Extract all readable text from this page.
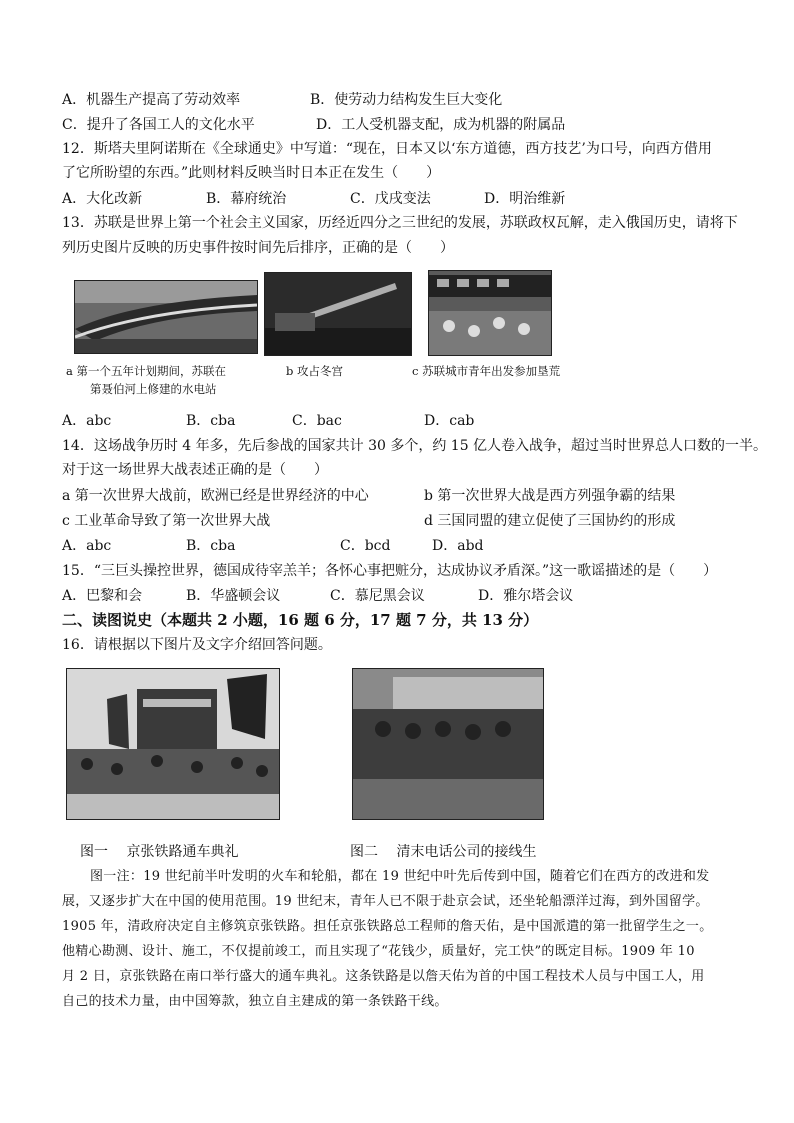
A．机器生产提高了劳动效率	B．使劳动力结构发生巨大变化
C．提升了各国工人的文化水平	D．工人受机器支配，成为机器的附属品
12．斯塔夫里阿诺斯在《全球通史》中写道：“现在，日本又以‘东方道德，西方技艺’为口号，向西方借用
了它所盼望的东西。”此则材料反映当时日本正在发生（　　）
A．大化改新	B．幕府统治	C．戊戌变法	D．明治维新
13．苏联是世界上第一个社会主义国家，历经近四分之三世纪的发展，苏联政权瓦解，走入俄国历史，请将下
列历史图片反映的历史事件按时间先后排序，正确的是（　　）
a 第一个五年计划期间，苏联在
第聂伯河上修建的水电站
b 攻占冬宫	c 苏联城市青年出发参加垦荒
A．abc	B．cba	C．bac	D．cab
14．这场战争历时 4 年多，先后参战的国家共计 30 多个，约 15 亿人卷入战争，超过当时世界总人口数的一半。
对于这一场世界大战表述正确的是（　　）
a 第一次世界大战前，欧洲已经是世界经济的中心	b 第一次世界大战是西方列强争霸的结果
c 工业革命导致了第一次世界大战	d 三国同盟的建立促使了三国协约的形成
A．abc	B．cba	C．bcd	D．abd
15．“三巨头操控世界，德国成待宰羔羊；各怀心事把赃分，达成协议矛盾深。”这一歌谣描述的是（　　）
A．巴黎和会	B．华盛顿会议	C．慕尼黑会议	D．雅尔塔会议
二、读图说史（本题共 2 小题，16 题 6 分，17 题 7 分，共 13 分）
16．请根据以下图片及文字介绍回答问题。
图一　 京张铁路通车典礼	图二　 清末电话公司的接线生
图一注：19 世纪前半叶发明的火车和轮船，都在 19 世纪中叶先后传到中国，随着它们在西方的改进和发
展，又逐步扩大在中国的使用范围。19 世纪末，青年人已不限于赴京会试，还坐轮船漂洋过海，到外国留学。
1905 年，清政府决定自主修筑京张铁路。担任京张铁路总工程师的詹天佑，是中国派遣的第一批留学生之一。
他精心勘测、设计、施工，不仅提前竣工，而且实现了“花钱少，质量好，完工快”的既定目标。1909 年 10
月 2 日，京张铁路在南口举行盛大的通车典礼。这条铁路是以詹天佑为首的中国工程技术人员与中国工人，用
自己的技术力量，由中国筹款，独立自主建成的第一条铁路干线。
